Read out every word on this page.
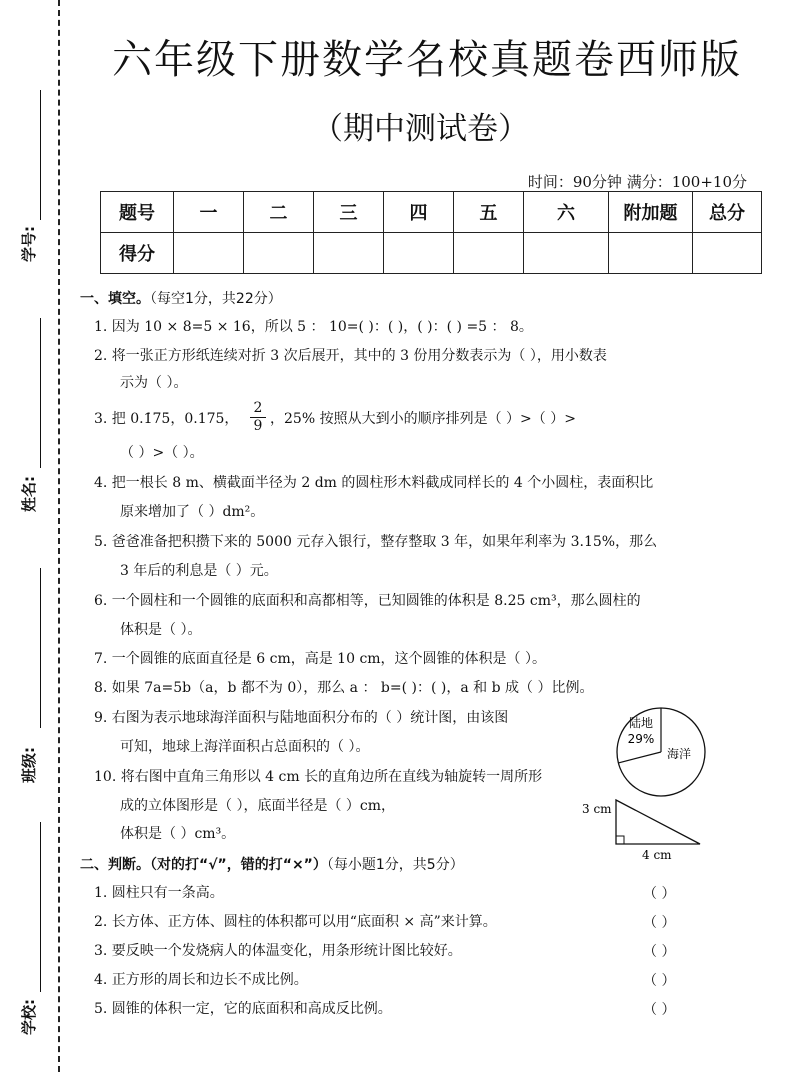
学号:
姓名:
班级:
学校:
六年级下册数学名校真题卷西师版
（期中测试卷）
时间：90分钟 满分：100+10分
题号	一	二	三	四	五	六	附加题	总分
得分								
一、填空。（每空1分，共22分）
1. 因为 10 × 8=5 × 16，所以 5 ： 10=( )：( )，( )：( ) =5 ： 8。
2. 将一张正方形纸连续对折 3 次后展开，其中的 3 份用分数表示为（ ），用小数表
示为（ ）。
3. 把 0.1̇75̇，0.175， $\frac{2}{9}$ ，25% 按照从大到小的顺序排列是（ ）>（ ）>
（ ）>（ ）。
4. 把一根长 8 m、横截面半径为 2 dm 的圆柱形木料截成同样长的 4 个小圆柱，表面积比
原来增加了（ ）dm²。
5. 爸爸准备把积攒下来的 5000 元存入银行，整存整取 3 年，如果年利率为 3.15%，那么
3 年后的利息是（ ）元。
6. 一个圆柱和一个圆锥的底面积和高都相等，已知圆锥的体积是 8.25 cm³，那么圆柱的
体积是（ ）。
7. 一个圆锥的底面直径是 6 cm，高是 10 cm，这个圆锥的体积是（ ）。
8. 如果 7a=5b（a，b 都不为 0），那么 a ： b=( )：( )，a 和 b 成（ ）比例。
9. 右图为表示地球海洋面积与陆地面积分布的（ ）统计图，由该图
可知，地球上海洋面积占总面积的（ ）。
10. 将右图中直角三角形以 4 cm 长的直角边所在直线为轴旋转一周所形
成的立体图形是（ ），底面半径是（ ）cm，
体积是（ ）cm³。
陆地
29%
海洋
3 cm
4 cm
二、判断。（对的打“√”，错的打“×”）（每小题1分，共5分）
1. 圆柱只有一条高。	（ ）
2. 长方体、正方体、圆柱的体积都可以用“底面积 × 高”来计算。	（ ）
3. 要反映一个发烧病人的体温变化，用条形统计图比较好。	（ ）
4. 正方形的周长和边长不成比例。	（ ）
5. 圆锥的体积一定，它的底面积和高成反比例。	（ ）
